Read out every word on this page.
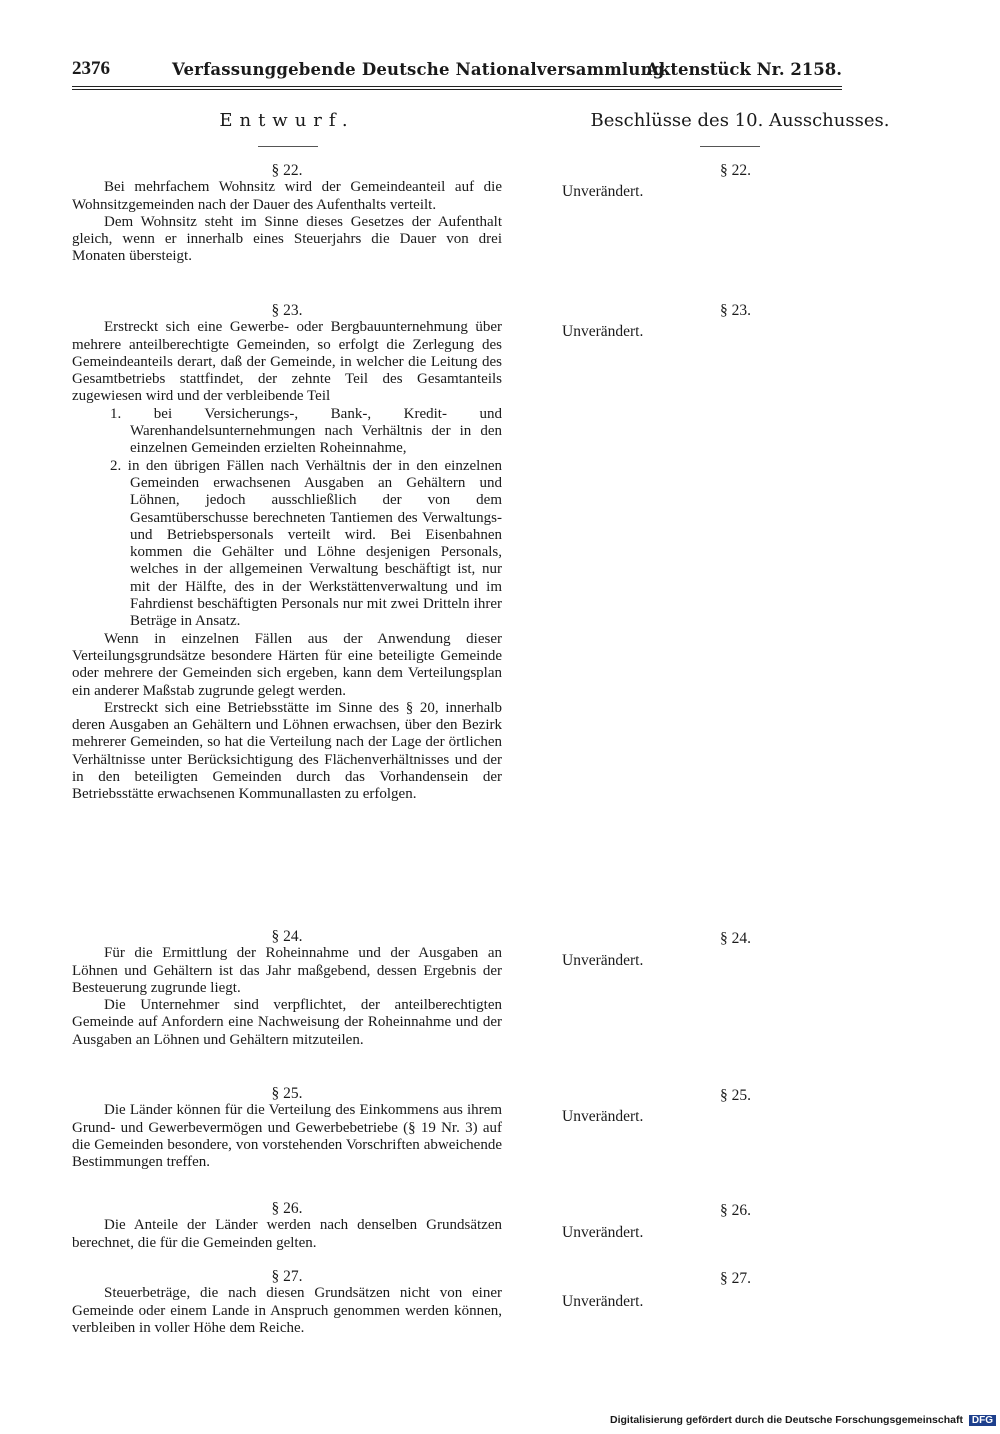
2376	Verfassunggebende Deutsche Nationalversammlung.
Aktenstück Nr. 2158.
Entwurf.	Beschlüsse des 10. Ausschusses.

§ 22.

Bei mehrfachem Wohnsitz wird der Gemeindeanteil auf die Wohnsitzgemeinden nach der Dauer des Aufenthalts verteilt.

Dem Wohnsitz steht im Sinne dieses Gesetzes der Aufenthalt gleich, wenn er innerhalb eines Steuerjahrs die Dauer von drei Monaten übersteigt.

§ 23.

Erstreckt sich eine Gewerbe- oder Bergbauunternehmung über mehrere anteilberechtigte Gemeinden, so erfolgt die Zerlegung des Gemeindeanteils derart, daß der Gemeinde, in welcher die Leitung des Gesamtbetriebs stattfindet, der zehnte Teil des Gesamtanteils zugewiesen wird und der verbleibende Teil

1. bei Versicherungs-, Bank-, Kredit- und Warenhandelsunternehmungen nach Verhältnis der in den einzelnen Gemeinden erzielten Roheinnahme,

2. in den übrigen Fällen nach Verhältnis der in den einzelnen Gemeinden erwachsenen Ausgaben an Gehältern und Löhnen, jedoch ausschließlich der von dem Gesamtüberschusse berechneten Tantiemen des Verwaltungs- und Betriebspersonals verteilt wird. Bei Eisenbahnen kommen die Gehälter und Löhne desjenigen Personals, welches in der allgemeinen Verwaltung beschäftigt ist, nur mit der Hälfte, des in der Werkstättenverwaltung und im Fahrdienst beschäftigten Personals nur mit zwei Dritteln ihrer Beträge in Ansatz.

Wenn in einzelnen Fällen aus der Anwendung dieser Verteilungsgrundsätze besondere Härten für eine beteiligte Gemeinde oder mehrere der Gemeinden sich ergeben, kann dem Verteilungsplan ein anderer Maßstab zugrunde gelegt werden.

Erstreckt sich eine Betriebsstätte im Sinne des § 20, innerhalb deren Ausgaben an Gehältern und Löhnen erwachsen, über den Bezirk mehrerer Gemeinden, so hat die Verteilung nach der Lage der örtlichen Verhältnisse unter Berücksichtigung des Flächenverhältnisses und der in den beteiligten Gemeinden durch das Vorhandensein der Betriebsstätte erwachsenen Kommunallasten zu erfolgen.

§ 24.

Für die Ermittlung der Roheinnahme und der Ausgaben an Löhnen und Gehältern ist das Jahr maßgebend, dessen Ergebnis der Besteuerung zugrunde liegt.

Die Unternehmer sind verpflichtet, der anteilberechtigten Gemeinde auf Anfordern eine Nachweisung der Roheinnahme und der Ausgaben an Löhnen und Gehältern mitzuteilen.

§ 25.

Die Länder können für die Verteilung des Einkommens aus ihrem Grund- und Gewerbevermögen und Gewerbebetriebe (§ 19 Nr. 3) auf die Gemeinden besondere, von vorstehenden Vorschriften abweichende Bestimmungen treffen.

§ 26.

Die Anteile der Länder werden nach denselben Grundsätzen berechnet, die für die Gemeinden gelten.

§ 27.

Steuerbeträge, die nach diesen Grundsätzen nicht von einer Gemeinde oder einem Lande in Anspruch genommen werden können, verbleiben in voller Höhe dem Reiche.

§ 22.
Unverändert.
§ 23.
Unverändert.
§ 24.
Unverändert.
§ 25.
Unverändert.
§ 26.
Unverändert.
§ 27.
Unverändert.
Digitalisierung gefördert durch die Deutsche Forschungsgemeinschaft DFG
